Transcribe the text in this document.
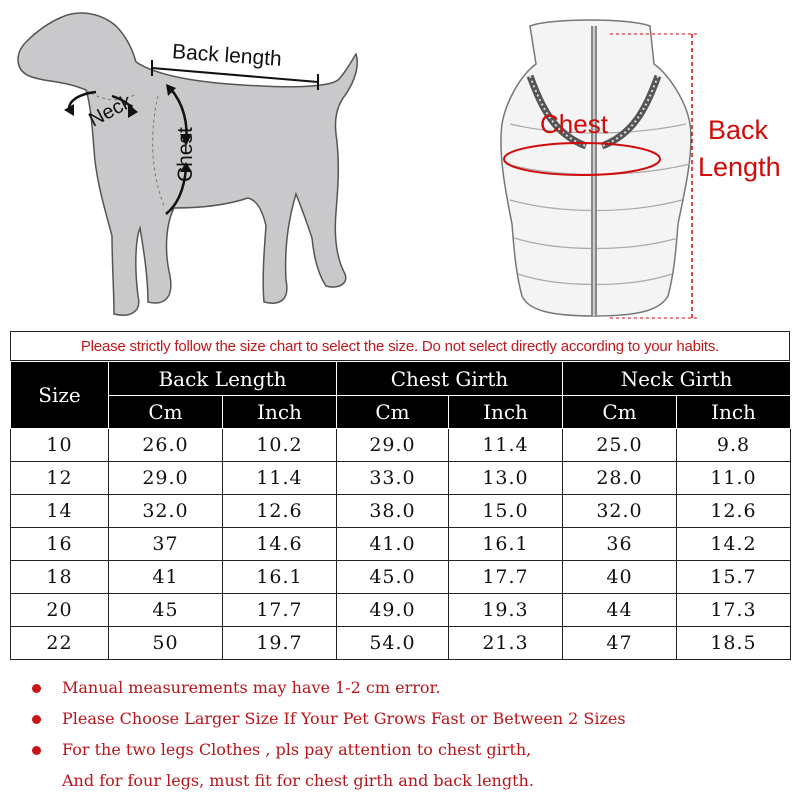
Back length
Neck
Chest
Chest	Back
Length
Please strictly follow the size chart to select the size. Do not select directly according to your habits.
Size	Back Length		Chest Girth		Neck Girth	
	Cm	Inch	Cm	Inch	Cm	Inch
10	26.0	10.2	29.0	11.4	25.0	9.8
12	29.0	11.4	33.0	13.0	28.0	11.0
14	32.0	12.6	38.0	15.0	32.0	12.6
16	37	14.6	41.0	16.1	36	14.2
18	41	16.1	45.0	17.7	40	15.7
20	45	17.7	49.0	19.3	44	17.3
22	50	19.7	54.0	21.3	47	18.5
Manual measurements may have 1-2 cm error.
Please Choose Larger Size If Your Pet Grows Fast or Between 2 Sizes
For the two legs Clothes , pls pay attention to chest girth,
And for four legs, must fit for chest girth and back length.
